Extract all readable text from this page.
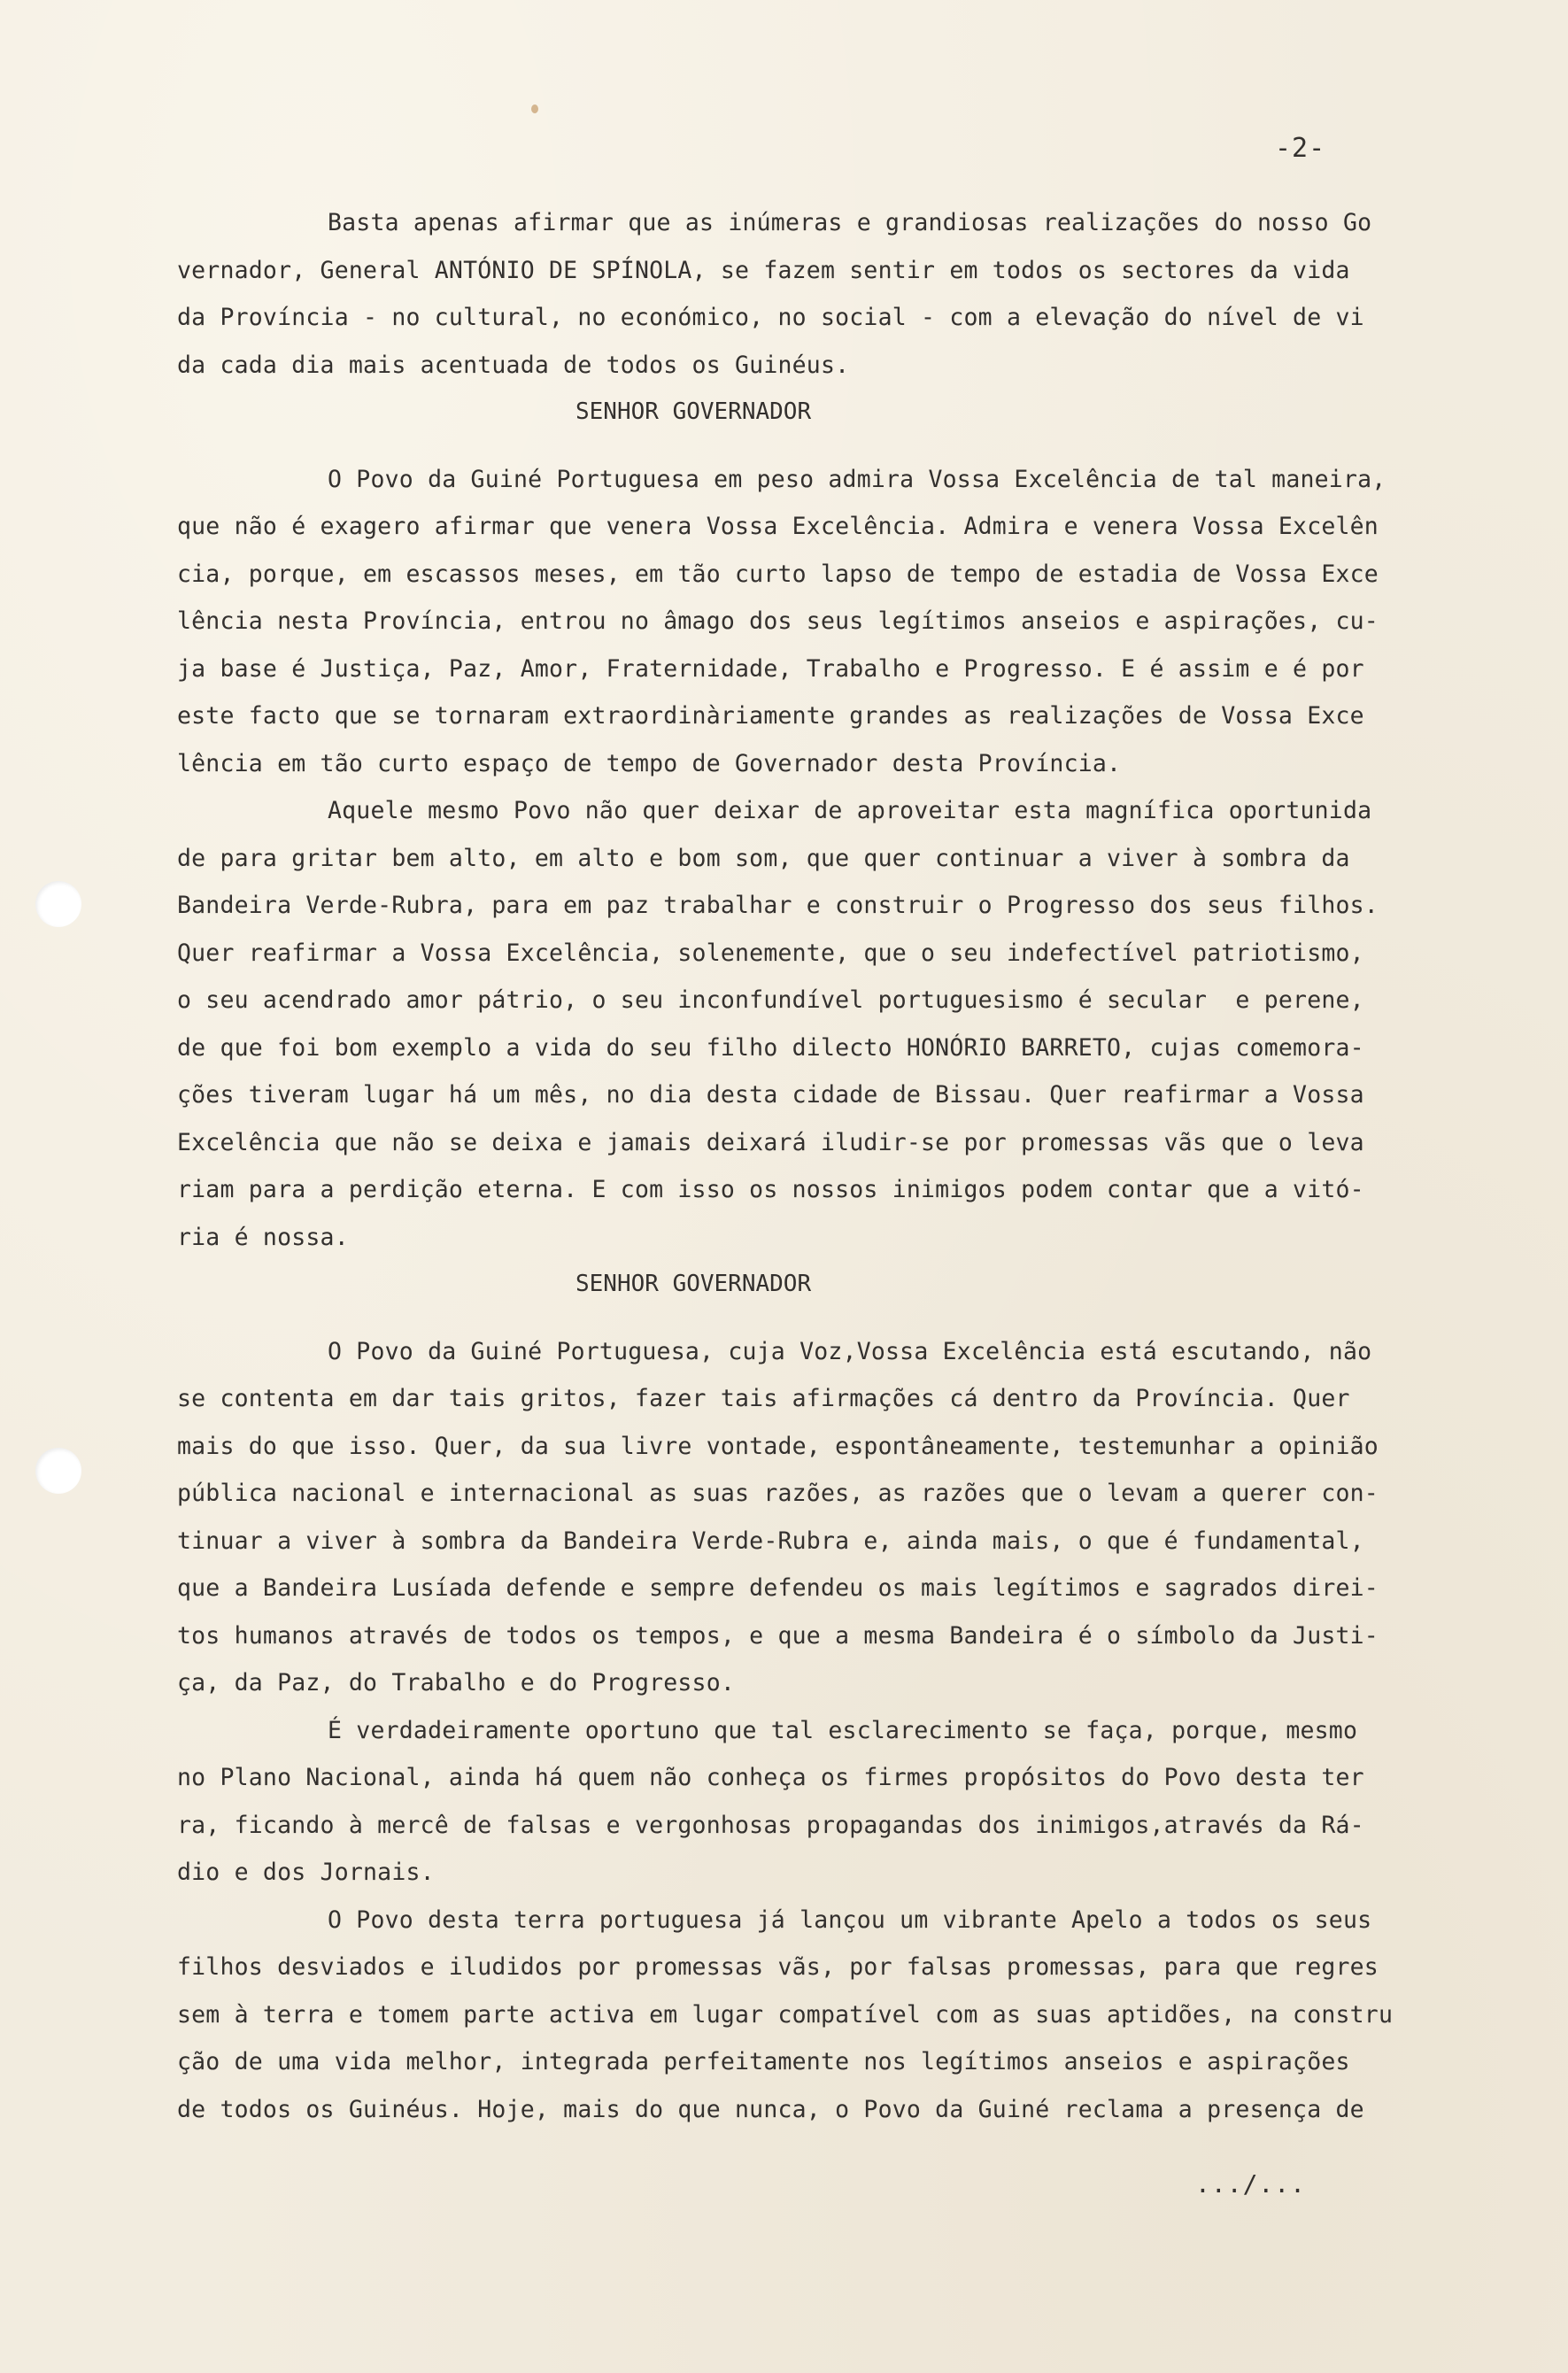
-2-
Basta apenas afirmar que as inúmeras e grandiosas realizações do nosso Go
vernador, General ANTÓNIO DE SPÍNOLA, se fazem sentir em todos os sectores da vida
da Província - no cultural, no económico, no social - com a elevação do nível de vi
da cada dia mais acentuada de todos os Guinéus.
SENHOR GOVERNADOR
O Povo da Guiné Portuguesa em peso admira Vossa Excelência de tal maneira,
que não é exagero afirmar que venera Vossa Excelência. Admira e venera Vossa Excelên
cia, porque, em escassos meses, em tão curto lapso de tempo de estadia de Vossa Exce
lência nesta Província, entrou no âmago dos seus legítimos anseios e aspirações, cu-
ja base é Justiça, Paz, Amor, Fraternidade, Trabalho e Progresso. E é assim e é por
este facto que se tornaram extraordinàriamente grandes as realizações de Vossa Exce
lência em tão curto espaço de tempo de Governador desta Província.
Aquele mesmo Povo não quer deixar de aproveitar esta magnífica oportunida
de para gritar bem alto, em alto e bom som, que quer continuar a viver à sombra da
Bandeira Verde-Rubra, para em paz trabalhar e construir o Progresso dos seus filhos.
Quer reafirmar a Vossa Excelência, solenemente, que o seu indefectível patriotismo,
o seu acendrado amor pátrio, o seu inconfundível portuguesismo é secular  e perene,
de que foi bom exemplo a vida do seu filho dilecto HONÓRIO BARRETO, cujas comemora-
ções tiveram lugar há um mês, no dia desta cidade de Bissau. Quer reafirmar a Vossa
Excelência que não se deixa e jamais deixará iludir-se por promessas vãs que o leva
riam para a perdição eterna. E com isso os nossos inimigos podem contar que a vitó-
ria é nossa.
SENHOR GOVERNADOR
O Povo da Guiné Portuguesa, cuja Voz,Vossa Excelência está escutando, não
se contenta em dar tais gritos, fazer tais afirmações cá dentro da Província. Quer
mais do que isso. Quer, da sua livre vontade, espontâneamente, testemunhar a opinião
pública nacional e internacional as suas razões, as razões que o levam a querer con-
tinuar a viver à sombra da Bandeira Verde-Rubra e, ainda mais, o que é fundamental,
que a Bandeira Lusíada defende e sempre defendeu os mais legítimos e sagrados direi-
tos humanos através de todos os tempos, e que a mesma Bandeira é o símbolo da Justi-
ça, da Paz, do Trabalho e do Progresso.
É verdadeiramente oportuno que tal esclarecimento se faça, porque, mesmo
no Plano Nacional, ainda há quem não conheça os firmes propósitos do Povo desta ter
ra, ficando à mercê de falsas e vergonhosas propagandas dos inimigos,através da Rá-
dio e dos Jornais.
O Povo desta terra portuguesa já lançou um vibrante Apelo a todos os seus
filhos desviados e iludidos por promessas vãs, por falsas promessas, para que regres
sem à terra e tomem parte activa em lugar compatível com as suas aptidões, na constru
ção de uma vida melhor, integrada perfeitamente nos legítimos anseios e aspirações
de todos os Guinéus. Hoje, mais do que nunca, o Povo da Guiné reclama a presença de
.../...
